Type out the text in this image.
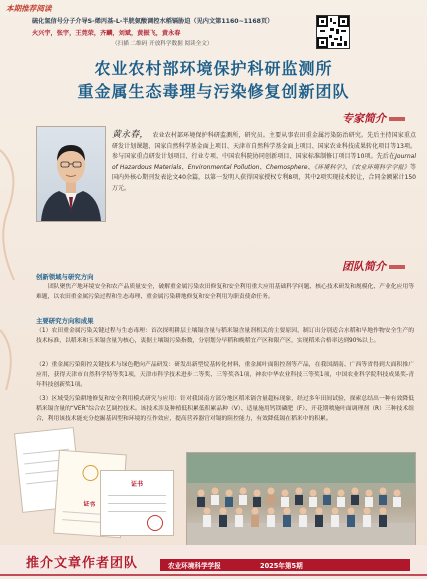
本期推荐阅读
硫化氢信号分子介导S-烯丙基-L-半胱氨酸调控水稻镉胁迫（见内文第1160~1168页）
火兴宇，张宇，王莞荣，齐麟，刘斌，黄振飞，黄永春
（扫描 二维码 开放科学数据 阅读全文）
农业农村部环境保护科研监测所
重金属生态毒理与污染修复创新团队
专家简介
黄永春， 农业农村部环境保护科研监测所，研究员。主要从事农田重金属污染防治研究。先后主持国家重点研发计划课题、国家自然科学基金面上项目、天津市自然科学基金面上项目、国家农业科技成果转化项目等13项。参与国家重点研发计划项目、行业专项、中国农科院协同创新项目、国家标准制修订项目等10项。先后在Journal of Hazardous Materials、Environmental Pollution、Chemosphere、《环境科学》、《农业环境科学学报》等国内外核心期刊发表论文40余篇，以第一发明人获得国家授权专利8项，其中2项实现技术转让，合同金额累计150万元。
团队简介
创新领域与研究方向
团队聚焦产地环境安全和农产品质量安全，破解重金属污染农田修复和安全利用重大应用基础科学问题、核心技术研发和规模化、产业化应用等难题，以农田重金属污染过程和生态毒理、重金属污染耕地修复和安全利用为职责使命任务。
主要研究方向和成果
（1）农田重金属污染关键过程与生态毒理：首次探明耕层土壤镉含量与稻米镉含量剂相关的主要原因，制订出分别适合水稻和旱地作物安全生产的技术标准，以稻米和玉米镉含量为核心，衷据土壤镉污染指数，分别划分早稻和晚稻宜产区和限产区，实现稻米合格率达到90%以上。
（2）重金属污染阻控关键技术与绿色靶向产品研发：研发出新型烷基转化材料，重金属叶面阻控剂等产品，在我国湖南、广西等省得到大面积推广应用，获得天津市自然科学特等奖1项，天津市科学技术进步二等奖、三等奖各1项，神农中华农业科技三等奖1项，中国农业科学院科技成果奖-青年科技创新奖1项。
（3）区域受污染耕地修复和安全利用模式研究与应用：针对我国南方部分地区稻米镉含量超标现象，经过多年田间试验，探索总结出一种有效降低稻米镉含量的“VER”综合农艺调控技术。该技术涉及种植低积累低积累品种（V）、适量施用钙镁磷肥（F）、开花期喷施叶面调理剂（R）三种技术组合，利用该技术能充分挖掘基因型和环境的互作效应，提高营养器官对镉的阻控能力，有效降低镉在稻米中的积累。
证书
证书
推介文章作者团队	农业环境科学学报	2025年第5期
